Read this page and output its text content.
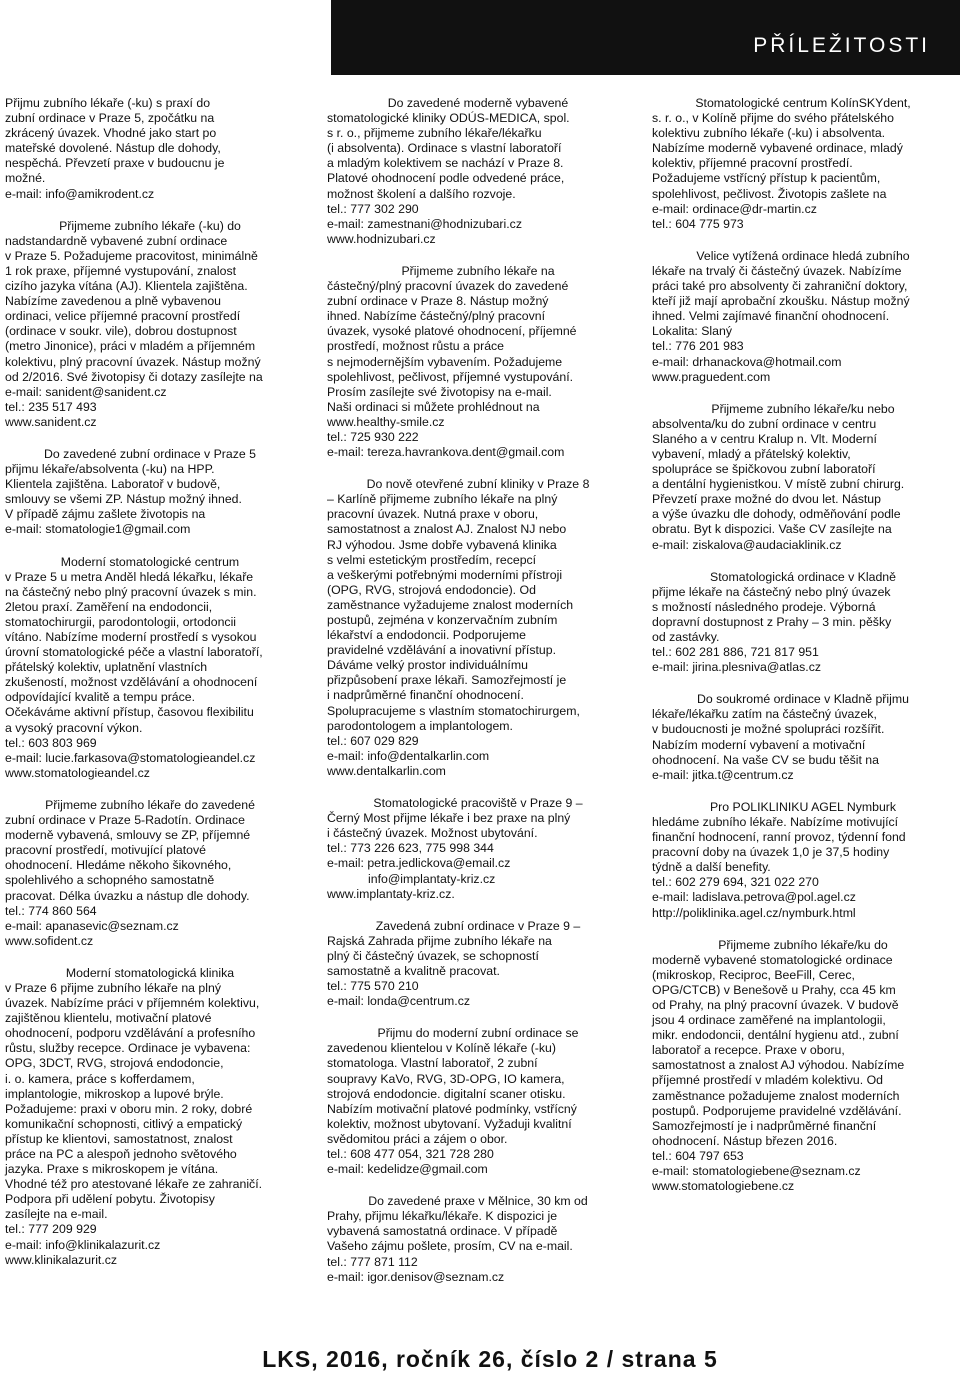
PŘÍLEŽITOSTI

Přijmu zubního lékaře (-ku) s praxí do

zubní ordinace v Praze 5, zpočátku na

zkrácený úvazek. Vhodné jako start po

mateřské dovolené. Nástup dle dohody,

nespěchá. Převzetí praxe v budoucnu je

možné.

e-mail: info@amikrodent.cz

Přijmeme zubního lékaře (-ku) do

nadstandardně vybavené zubní ordinace

v Praze 5. Požadujeme pracovitost, minimálně

1 rok praxe, příjemné vystupování, znalost

cizího jazyka vítána (AJ). Klientela zajištěna.

Nabízíme zavedenou a plně vybavenou

ordinaci, velice příjemné pracovní prostředí

(ordinace v soukr. vile), dobrou dostupnost

(metro Jinonice), práci v mladém a příjemném

kolektivu, plný pracovní úvazek. Nástup možný

od 2/2016. Své životopisy či dotazy zasílejte na

e-mail: sanident@sanident.cz

tel.: 235 517 493

www.sanident.cz

Do zavedené zubní ordinace v Praze 5

přijmu lékaře/absolventa (-ku) na HPP.

Klientela zajištěna. Laboratoř v budově,

smlouvy se všemi ZP. Nástup možný ihned.

V případě zájmu zašlete životopis na

e-mail: stomatologie1@gmail.com

Moderní stomatologické centrum

v Praze 5 u metra Anděl hledá lékařku, lékaře

na částečný nebo plný pracovní úvazek s min.

2letou praxí. Zaměření na endodoncii,

stomatochirurgii, parodontologii, ortodoncii

vítáno. Nabízíme moderní prostředí s vysokou

úrovní stomatologické péče a vlastní laboratoří,

přátelský kolektiv, uplatnění vlastních

zkušeností, možnost vzdělávání a ohodnocení

odpovídající kvalitě a tempu práce.

Očekáváme aktivní přístup, časovou flexibilitu

a vysoký pracovní výkon.

tel.: 603 803 969

e-mail: lucie.farkasova@stomatologieandel.cz

www.stomatologieandel.cz

Přijmeme zubního lékaře do zavedené

zubní ordinace v Praze 5-Radotín. Ordinace

moderně vybavená, smlouvy se ZP, příjemné

pracovní prostředí, motivující platové

ohodnocení. Hledáme někoho šikovného,

spolehlivého a schopného samostatně

pracovat. Délka úvazku a nástup dle dohody.

tel.: 774 860 564

e-mail: apanasevic@seznam.cz

www.sofident.cz

Moderní stomatologická klinika

v Praze 6 přijme zubního lékaře na plný

úvazek. Nabízíme práci v příjemném kolektivu,

zajištěnou klientelu, motivační platové

ohodnocení, podporu vzdělávání a profesního

růstu, služby recepce. Ordinace je vybavena:

OPG, 3DCT, RVG, strojová endodoncie,

i. o. kamera, práce s kofferdamem,

implantologie, mikroskop a lupové brýle.

Požadujeme: praxi v oboru min. 2 roky, dobré

komunikační schopnosti, citlivý a empatický

přístup ke klientovi, samostatnost, znalost

práce na PC a alespoň jednoho světového

jazyka. Praxe s mikroskopem je vítána.

Vhodné též pro atestované lékaře ze zahraničí.

Podpora při udělení pobytu. Životopisy

zasílejte na e-mail.

tel.: 777 209 929

e-mail: info@klinikalazurit.cz

www.klinikalazurit.cz

Do zavedené moderně vybavené

stomatologické kliniky ODÚS-MEDICA, spol.

s r. o., přijmeme zubního lékaře/lékařku

(i absolventa). Ordinace s vlastní laboratoří

a mladým kolektivem se nachází v Praze 8.

Platové ohodnocení podle odvedené práce,

možnost školení a dalšího rozvoje.

tel.: 777 302 290

e-mail: zamestnani@hodnizubari.cz

www.hodnizubari.cz

Přijmeme zubního lékaře na

částečný/plný pracovní úvazek do zavedené

zubní ordinace v Praze 8. Nástup možný

ihned. Nabízíme částečný/plný pracovní

úvazek, vysoké platové ohodnocení, příjemné

prostředí, možnost růstu a práce

s nejmodernějším vybavením. Požadujeme

spolehlivost, pečlivost, příjemné vystupování.

Prosím zasílejte své životopisy na e-mail.

Naši ordinaci si můžete prohlédnout na

www.healthy-smile.cz

tel.: 725 930 222

e-mail: tereza.havrankova.dent@gmail.com

Do nově otevřené zubní kliniky v Praze 8

– Karlíně přijmeme zubního lékaře na plný

pracovní úvazek. Nutná praxe v oboru,

samostatnost a znalost AJ. Znalost NJ nebo

RJ výhodou. Jsme dobře vybavená klinika

s velmi estetickým prostředím, recepcí

a veškerými potřebnými moderními přístroji

(OPG, RVG, strojová endodoncie). Od

zaměstnance vyžadujeme znalost moderních

postupů, zejména v konzervačním zubním

lékařství a endodoncii. Podporujeme

pravidelné vzdělávání a inovativní přístup.

Dáváme velký prostor individuálnímu

přizpůsobení praxe lékaři. Samozřejmostí je

i nadprůměrné finanční ohodnocení.

Spolupracujeme s vlastním stomatochirurgem,

parodontologem a implantologem.

tel.: 607 029 829

e-mail: info@dentalkarlin.com

www.dentalkarlin.com

Stomatologické pracoviště v Praze 9 –

Černý Most přijme lékaře i bez praxe na plný

i částečný úvazek. Možnost ubytování.

tel.: 773 226 623, 775 998 344

e-mail: petra.jedlickova@email.cz

info@implantaty-kriz.cz

www.implantaty-kriz.cz.

Zavedená zubní ordinace v Praze 9 –

Rajská Zahrada přijme zubního lékaře na

plný či částečný úvazek, se schopností

samostatně a kvalitně pracovat.

tel.: 775 570 210

e-mail: londa@centrum.cz

Přijmu do moderní zubní ordinace se

zavedenou klientelou v Kolíně lékaře (-ku)

stomatologa. Vlastní laboratoř, 2 zubní

soupravy KaVo, RVG, 3D-OPG, IO kamera,

strojová endodoncie. digitalní scaner otisku.

Nabízím motivační platové podmínky, vstřícný

kolektiv, možnost ubytovaní. Vyžaduji kvalitní

svědomitou práci a zájem o obor.

tel.: 608 477 054, 321 728 280

e-mail: kedelidze@gmail.com

Do zavedené praxe v Mělnice, 30 km od

Prahy, přijmu lékařku/lékaře. K dispozici je

vybavená samostatná ordinace. V případě

Vašeho zájmu pošlete, prosím, CV na e-mail.

tel.: 777 871 112

e-mail: igor.denisov@seznam.cz

Stomatologické centrum KolínSKYdent,

s. r. o., v Kolíně přijme do svého přátelského

kolektivu zubního lékaře (-ku) i absolventa.

Nabízíme moderně vybavené ordinace, mladý

kolektiv, příjemné pracovní prostředí.

Požadujeme vstřícný přístup k pacientům,

spolehlivost, pečlivost. Životopis zašlete na

e-mail: ordinace@dr-martin.cz

tel.: 604 775 973

Velice vytížená ordinace hledá zubního

lékaře na trvalý či částečný úvazek. Nabízíme

práci také pro absolventy či zahraniční doktory,

kteří již mají aprobační zkoušku. Nástup možný

ihned. Velmi zajímavé finanční ohodnocení.

Lokalita: Slaný

tel.: 776 201 983

e-mail: drhanackova@hotmail.com

www.praguedent.com

Přijmeme zubního lékaře/ku nebo

absolventa/ku do zubní ordinace v centru

Slaného a v centru Kralup n. Vlt. Moderní

vybavení, mladý a přátelský kolektiv,

spolupráce se špičkovou zubní laboratoří

a dentální hygienistkou. V místě zubní chirurg.

Převzetí praxe možné do dvou let. Nástup

a výše úvazku dle dohody, odměňování podle

obratu. Byt k dispozici. Vaše CV zasílejte na

e-mail: ziskalova@audaciaklinik.cz

Stomatologická ordinace v Kladně

přijme lékaře na částečný nebo plný úvazek

s možností následného prodeje. Výborná

dopravní dostupnost z Prahy – 3 min. pěšky

od zastávky.

tel.: 602 281 886, 721 817 951

e-mail: jirina.plesniva@atlas.cz

Do soukromé ordinace v Kladně přijmu

lékaře/lékařku zatím na částečný úvazek,

v budoucnosti je možné spolupráci rozšířit.

Nabízím moderní vybavení a motivační

ohodnocení. Na vaše CV se budu těšit na

e-mail: jitka.t@centrum.cz

Pro POLIKLINIKU AGEL Nymburk

hledáme zubního lékaře. Nabízíme motivující

finanční hodnocení, ranní provoz, týdenní fond

pracovní doby na úvazek 1,0 je 37,5 hodiny

týdně a další benefity.

tel.: 602 279 694, 321 022 270

e-mail: ladislava.petrova@pol.agel.cz

http://poliklinika.agel.cz/nymburk.html

Přijmeme zubního lékaře/ku do

moderně vybavené stomatologické ordinace

(mikroskop, Reciproc, BeeFill, Cerec,

OPG/CTCB) v Benešově u Prahy, cca 45 km

od Prahy, na plný pracovní úvazek. V budově

jsou 4 ordinace zaměřené na implantologii,

mikr. endodoncii, dentální hygienu atd., zubní

laboratoř a recepce. Praxe v oboru,

samostatnost a znalost AJ výhodou. Nabízíme

příjemné prostředí v mladém kolektivu. Od

zaměstnance požadujeme znalost moderních

postupů. Podporujeme pravidelné vzdělávání.

Samozřejmostí je i nadprůměrné finanční

ohodnocení. Nástup březen 2016.

tel.: 604 797 653

e-mail: stomatologiebene@seznam.cz

www.stomatologiebene.cz

LKS, 2016, ročník 26, číslo 2 / strana 5
